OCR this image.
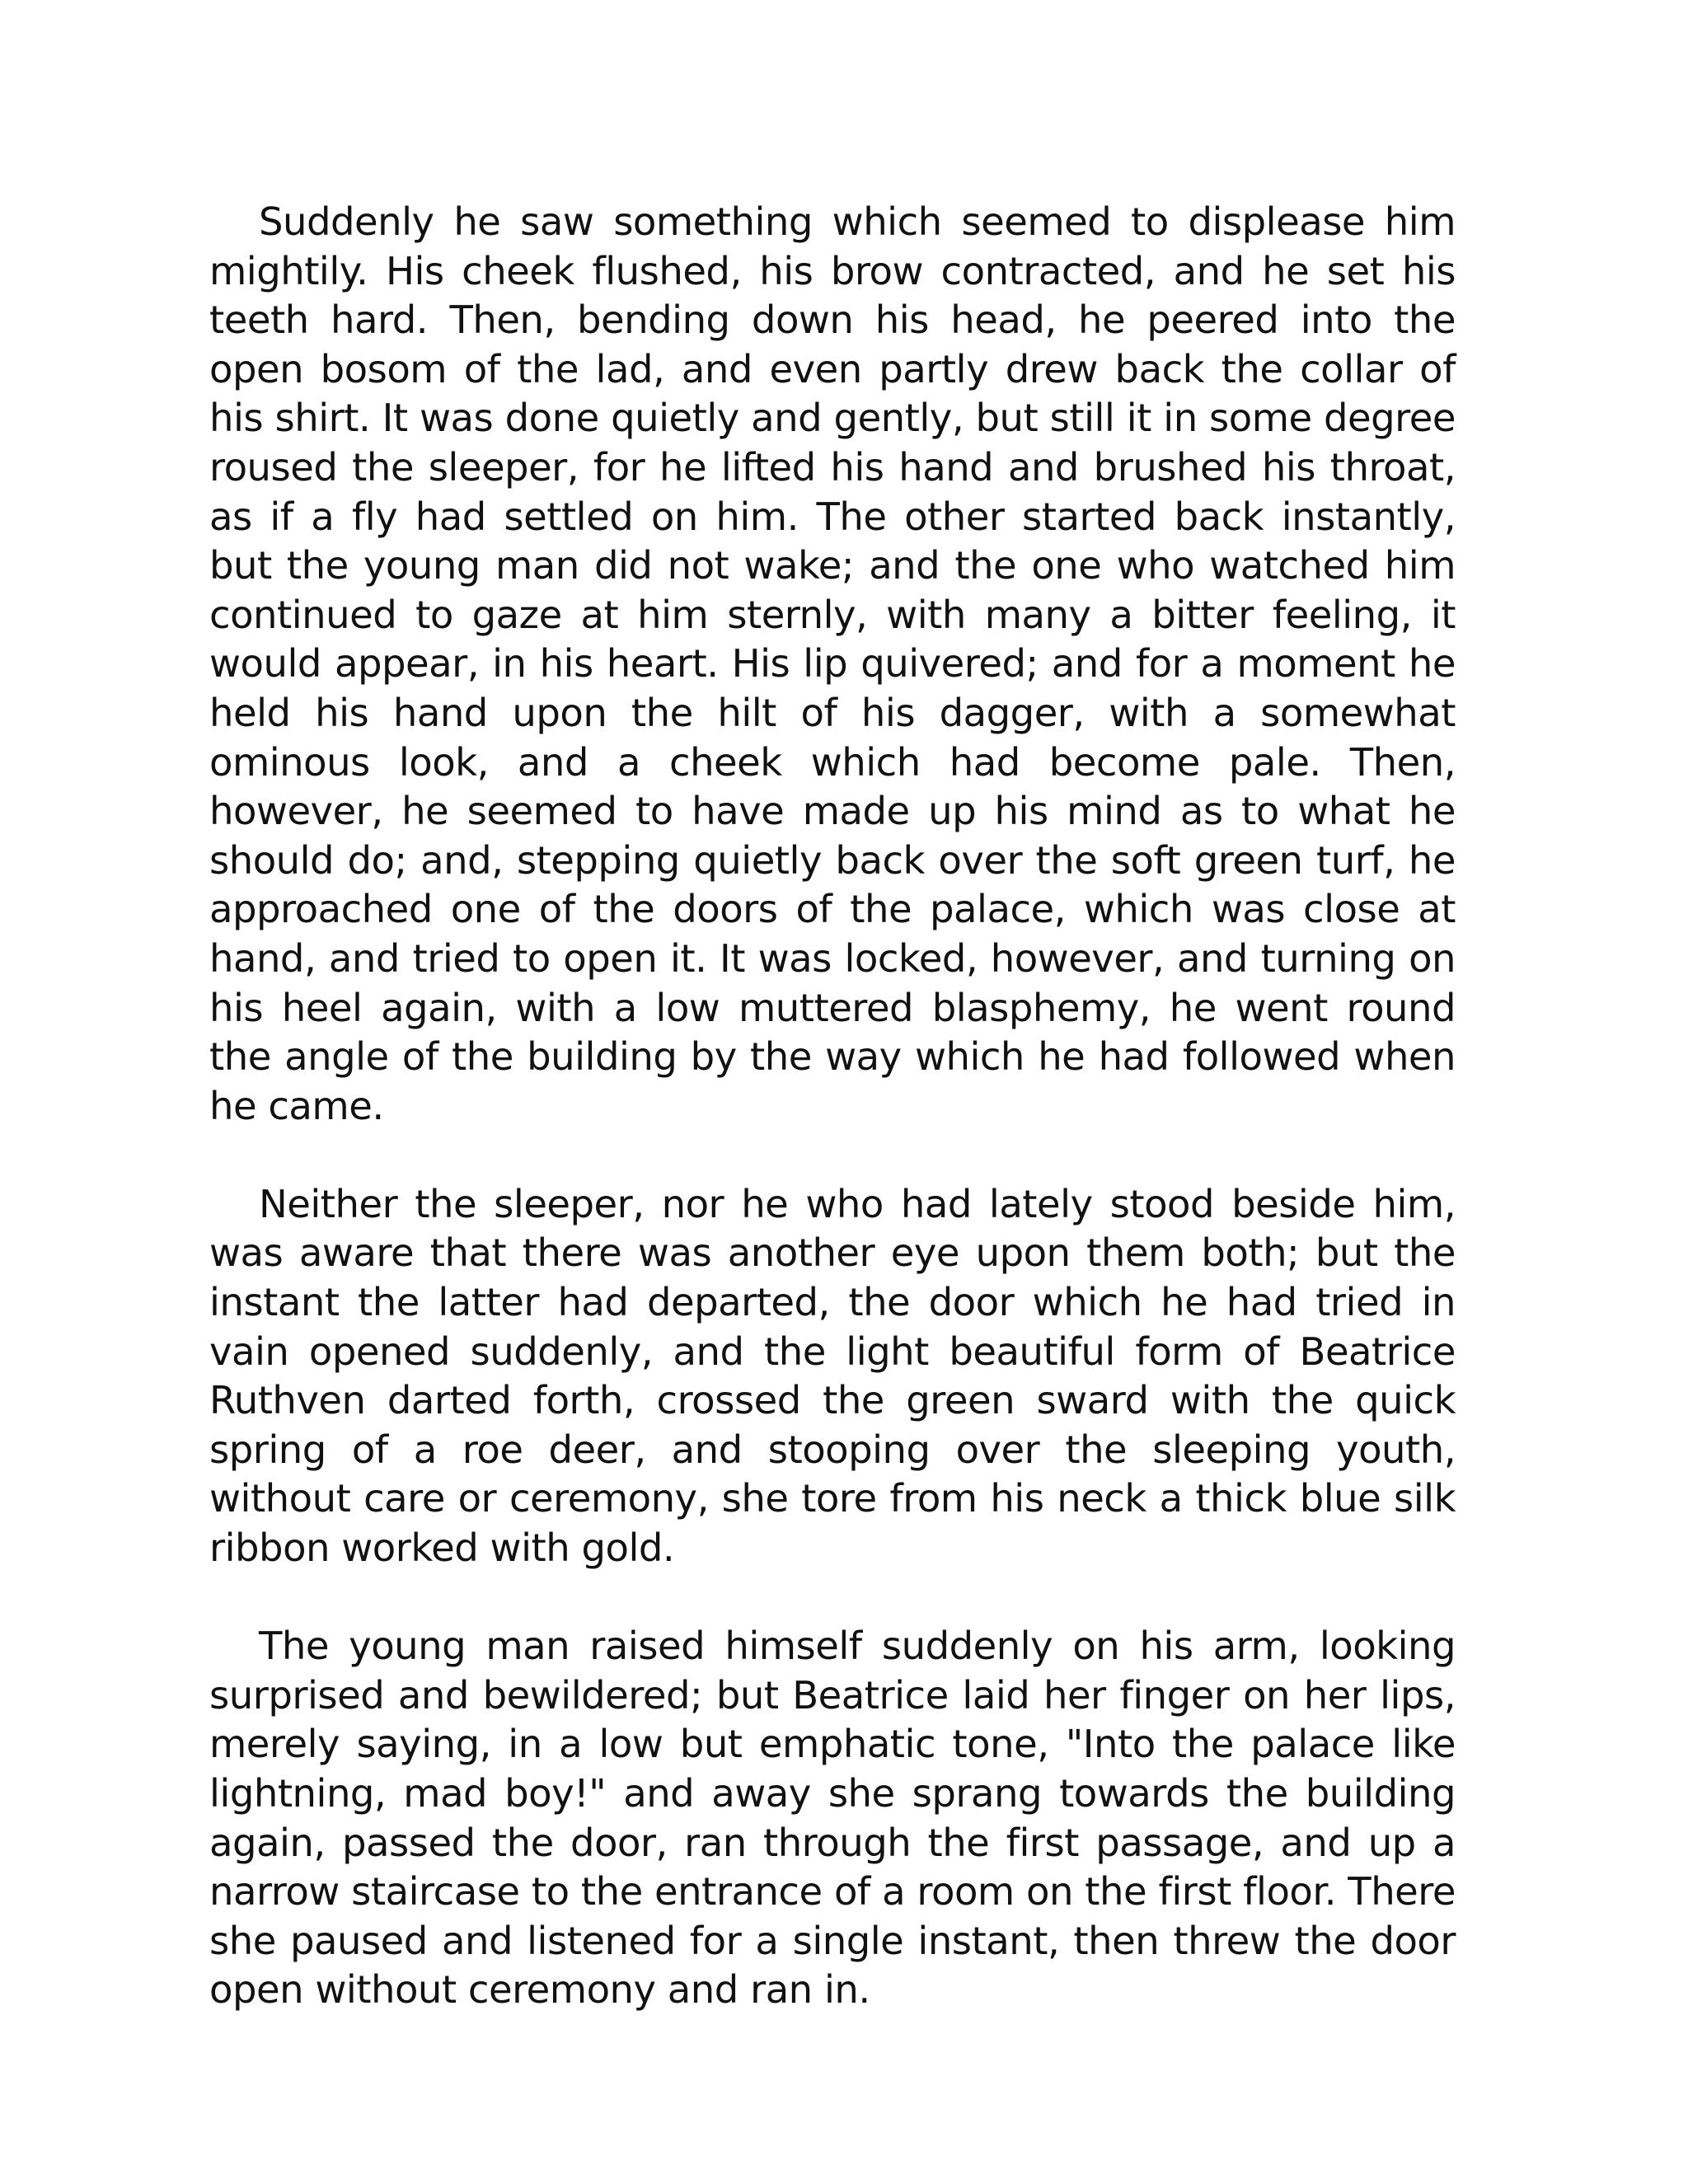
Suddenly he saw something which seemed to displease him mightily. His cheek flushed, his brow contracted, and he set his teeth hard. Then, bending down his head, he peered into the open bosom of the lad, and even partly drew back the collar of his shirt. It was done quietly and gently, but still it in some degree roused the sleeper, for he lifted his hand and brushed his throat, as if a fly had settled on him. The other started back instantly, but the young man did not wake; and the one who watched him continued to gaze at him sternly, with many a bitter feeling, it would appear, in his heart. His lip quivered; and for a moment he held his hand upon the hilt of his dagger, with a somewhat ominous look, and a cheek which had become pale. Then, however, he seemed to have made up his mind as to what he should do; and, stepping quietly back over the soft green turf, he approached one of the doors of the palace, which was close at hand, and tried to open it. It was locked, however, and turning on his heel again, with a low muttered blasphemy, he went round the angle of the building by the way which he had followed when he came.

Neither the sleeper, nor he who had lately stood beside him, was aware that there was another eye upon them both; but the instant the latter had departed, the door which he had tried in vain opened suddenly, and the light beautiful form of Beatrice Ruthven darted forth, crossed the green sward with the quick spring of a roe deer, and stooping over the sleeping youth, without care or ceremony, she tore from his neck a thick blue silk ribbon worked with gold.

The young man raised himself suddenly on his arm, looking surprised and bewildered; but Beatrice laid her finger on her lips, merely saying, in a low but emphatic tone, "Into the palace like lightning, mad boy!" and away she sprang towards the building again, passed the door, ran through the first passage, and up a narrow staircase to the entrance of a room on the first floor. There she paused and listened for a single instant, then threw the door open without ceremony and ran in.
